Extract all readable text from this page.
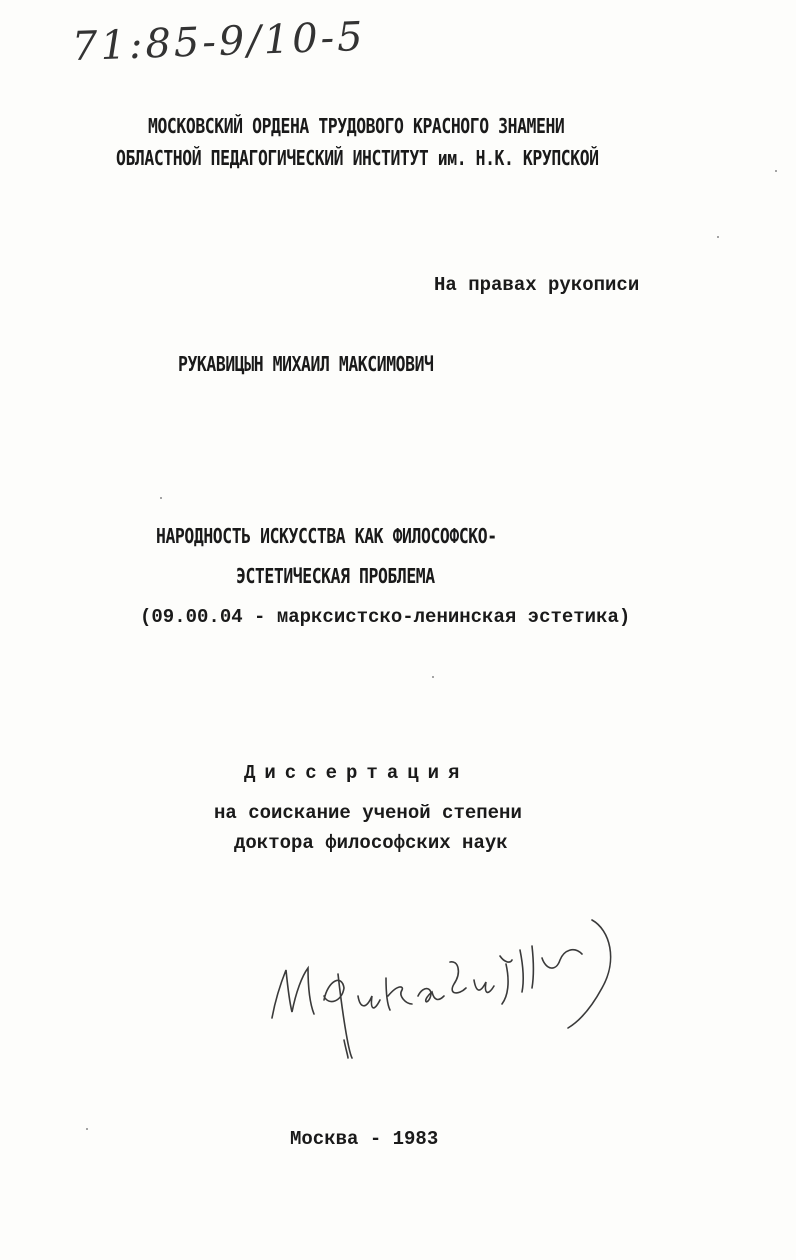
71:85-9/10-5
МОСКОВСКИЙ ОРДЕНА ТРУДОВОГО КРАСНОГО ЗНАМЕНИ
ОБЛАСТНОЙ ПЕДАГОГИЧЕСКИЙ ИНСТИТУТ им. Н.К. КРУПСКОЙ
На правах рукописи
РУКАВИЦЫН МИХАИЛ МАКСИМОВИЧ
НАРОДНОСТЬ ИСКУССТВА КАК ФИЛОСОФСКО-
ЭСТЕТИЧЕСКАЯ ПРОБЛЕМА
(09.00.04 - марксистско-ленинская эстетика)
Диссертация
на соискание ученой степени
доктора философских наук
Москва - 1983
